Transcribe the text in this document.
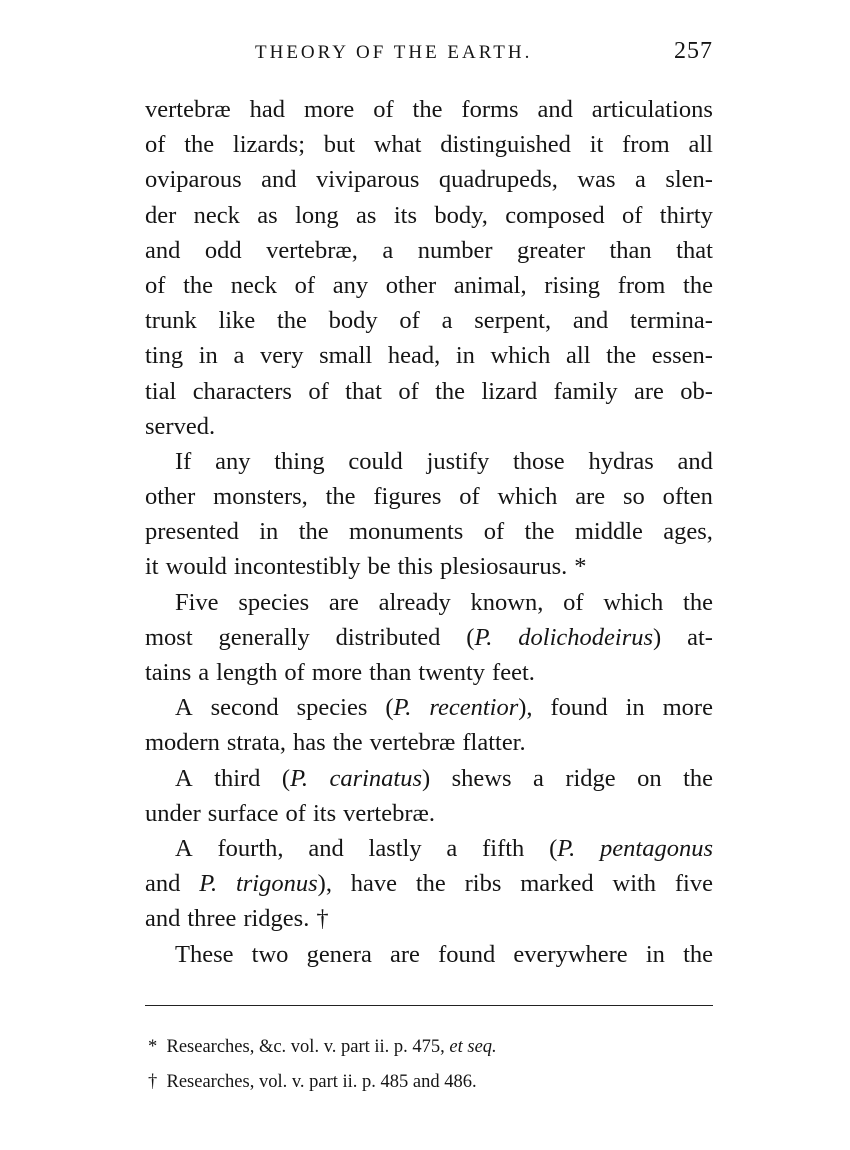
THEORY OF THE EARTH.	257
vertebræ had more of the forms and articulations
of the lizards; but what distinguished it from all
oviparous and viviparous quadrupeds, was a slen-
der neck as long as its body, composed of thirty
and odd vertebræ, a number greater than that
of the neck of any other animal, rising from the
trunk like the body of a serpent, and termina-
ting in a very small head, in which all the essen-
tial characters of that of the lizard family are ob-
served.
If any thing could justify those hydras and
other monsters, the figures of which are so often
presented in the monuments of the middle ages,
it would incontestibly be this plesiosaurus. *
Five species are already known, of which the
most generally distributed (P. dolichodeirus) at-
tains a length of more than twenty feet.
A second species (P. recentior), found in more
modern strata, has the vertebræ flatter.
A third (P. carinatus) shews a ridge on the
under surface of its vertebræ.
A fourth, and lastly a fifth (P. pentagonus
and P. trigonus), have the ribs marked with five
and three ridges. †
These two genera are found everywhere in the
* Researches, &c. vol. v. part ii. p. 475, et seq.
† Researches, vol. v. part ii. p. 485 and 486.
